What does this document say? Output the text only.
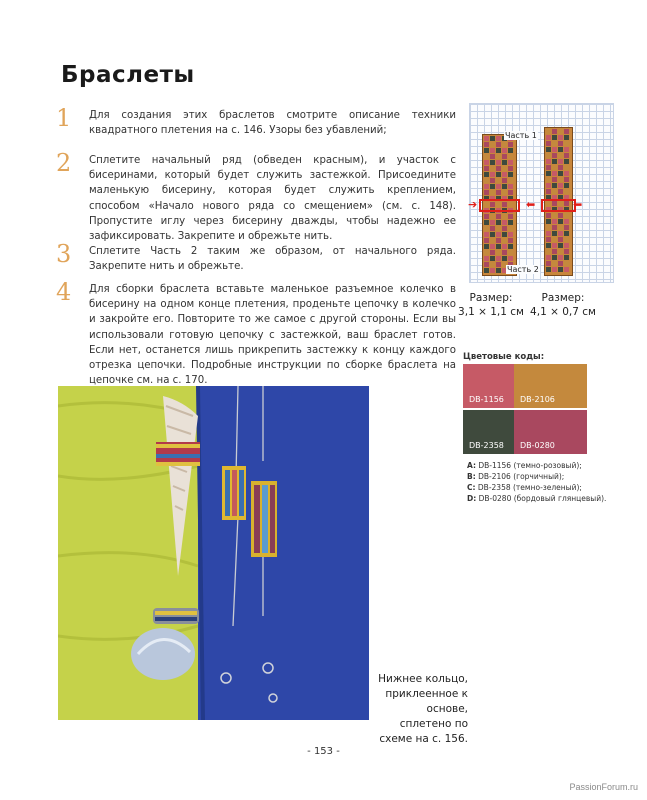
Браслеты
1	Для создания этих браслетов смотрите описание техники квадратного плетения на с. 146. Узоры без убавлений;
2	Сплетите начальный ряд (обведен красным), и участок с бисеринами, который будет служить застежкой. Присоедините маленькую бисерину, которая будет служить креплением, способом «Начало нового ряда со смещением» (см. с. 148). Пропустите иглу через бисерину дважды, чтобы надежно ее зафиксировать. Закрепите и обрежьте нить.
3	Сплетите Часть 2 таким же образом, от начального ряда. Закрепите нить и обрежьте.
4	Для сборки браслета вставьте маленькое разъемное колечко в бисерину на одном конце плетения, проденьте цепочку в колечко и закройте его. Повторите то же самое с другой стороны. Если вы использовали готовую цепочку с застежкой, ваш браслет готов. Если нет, останется лишь прикрепить застежку к концу каждого отрезка цепочки. Подробные инструкции по сборке браслета на цепочке см. на с. 170.
Часть 1
Часть 2
➔	⬅	⬅
Размер:
3,1 × 1,1 см
Размер:
4,1 × 0,7 см
Цветовые коды:
DB-1156 DB-2106
DB-2358 DB-0280
A: DB-1156 (темно-розовый);
B: DB-2106 (горчичный);
C: DB-2358 (темно-зеленый);
D: DB-0280 (бордовый глянцевый).
Нижнее кольцо, приклеенное к основе, сплетено по схеме на с. 156.
- 153 -
PassionForum.ru
